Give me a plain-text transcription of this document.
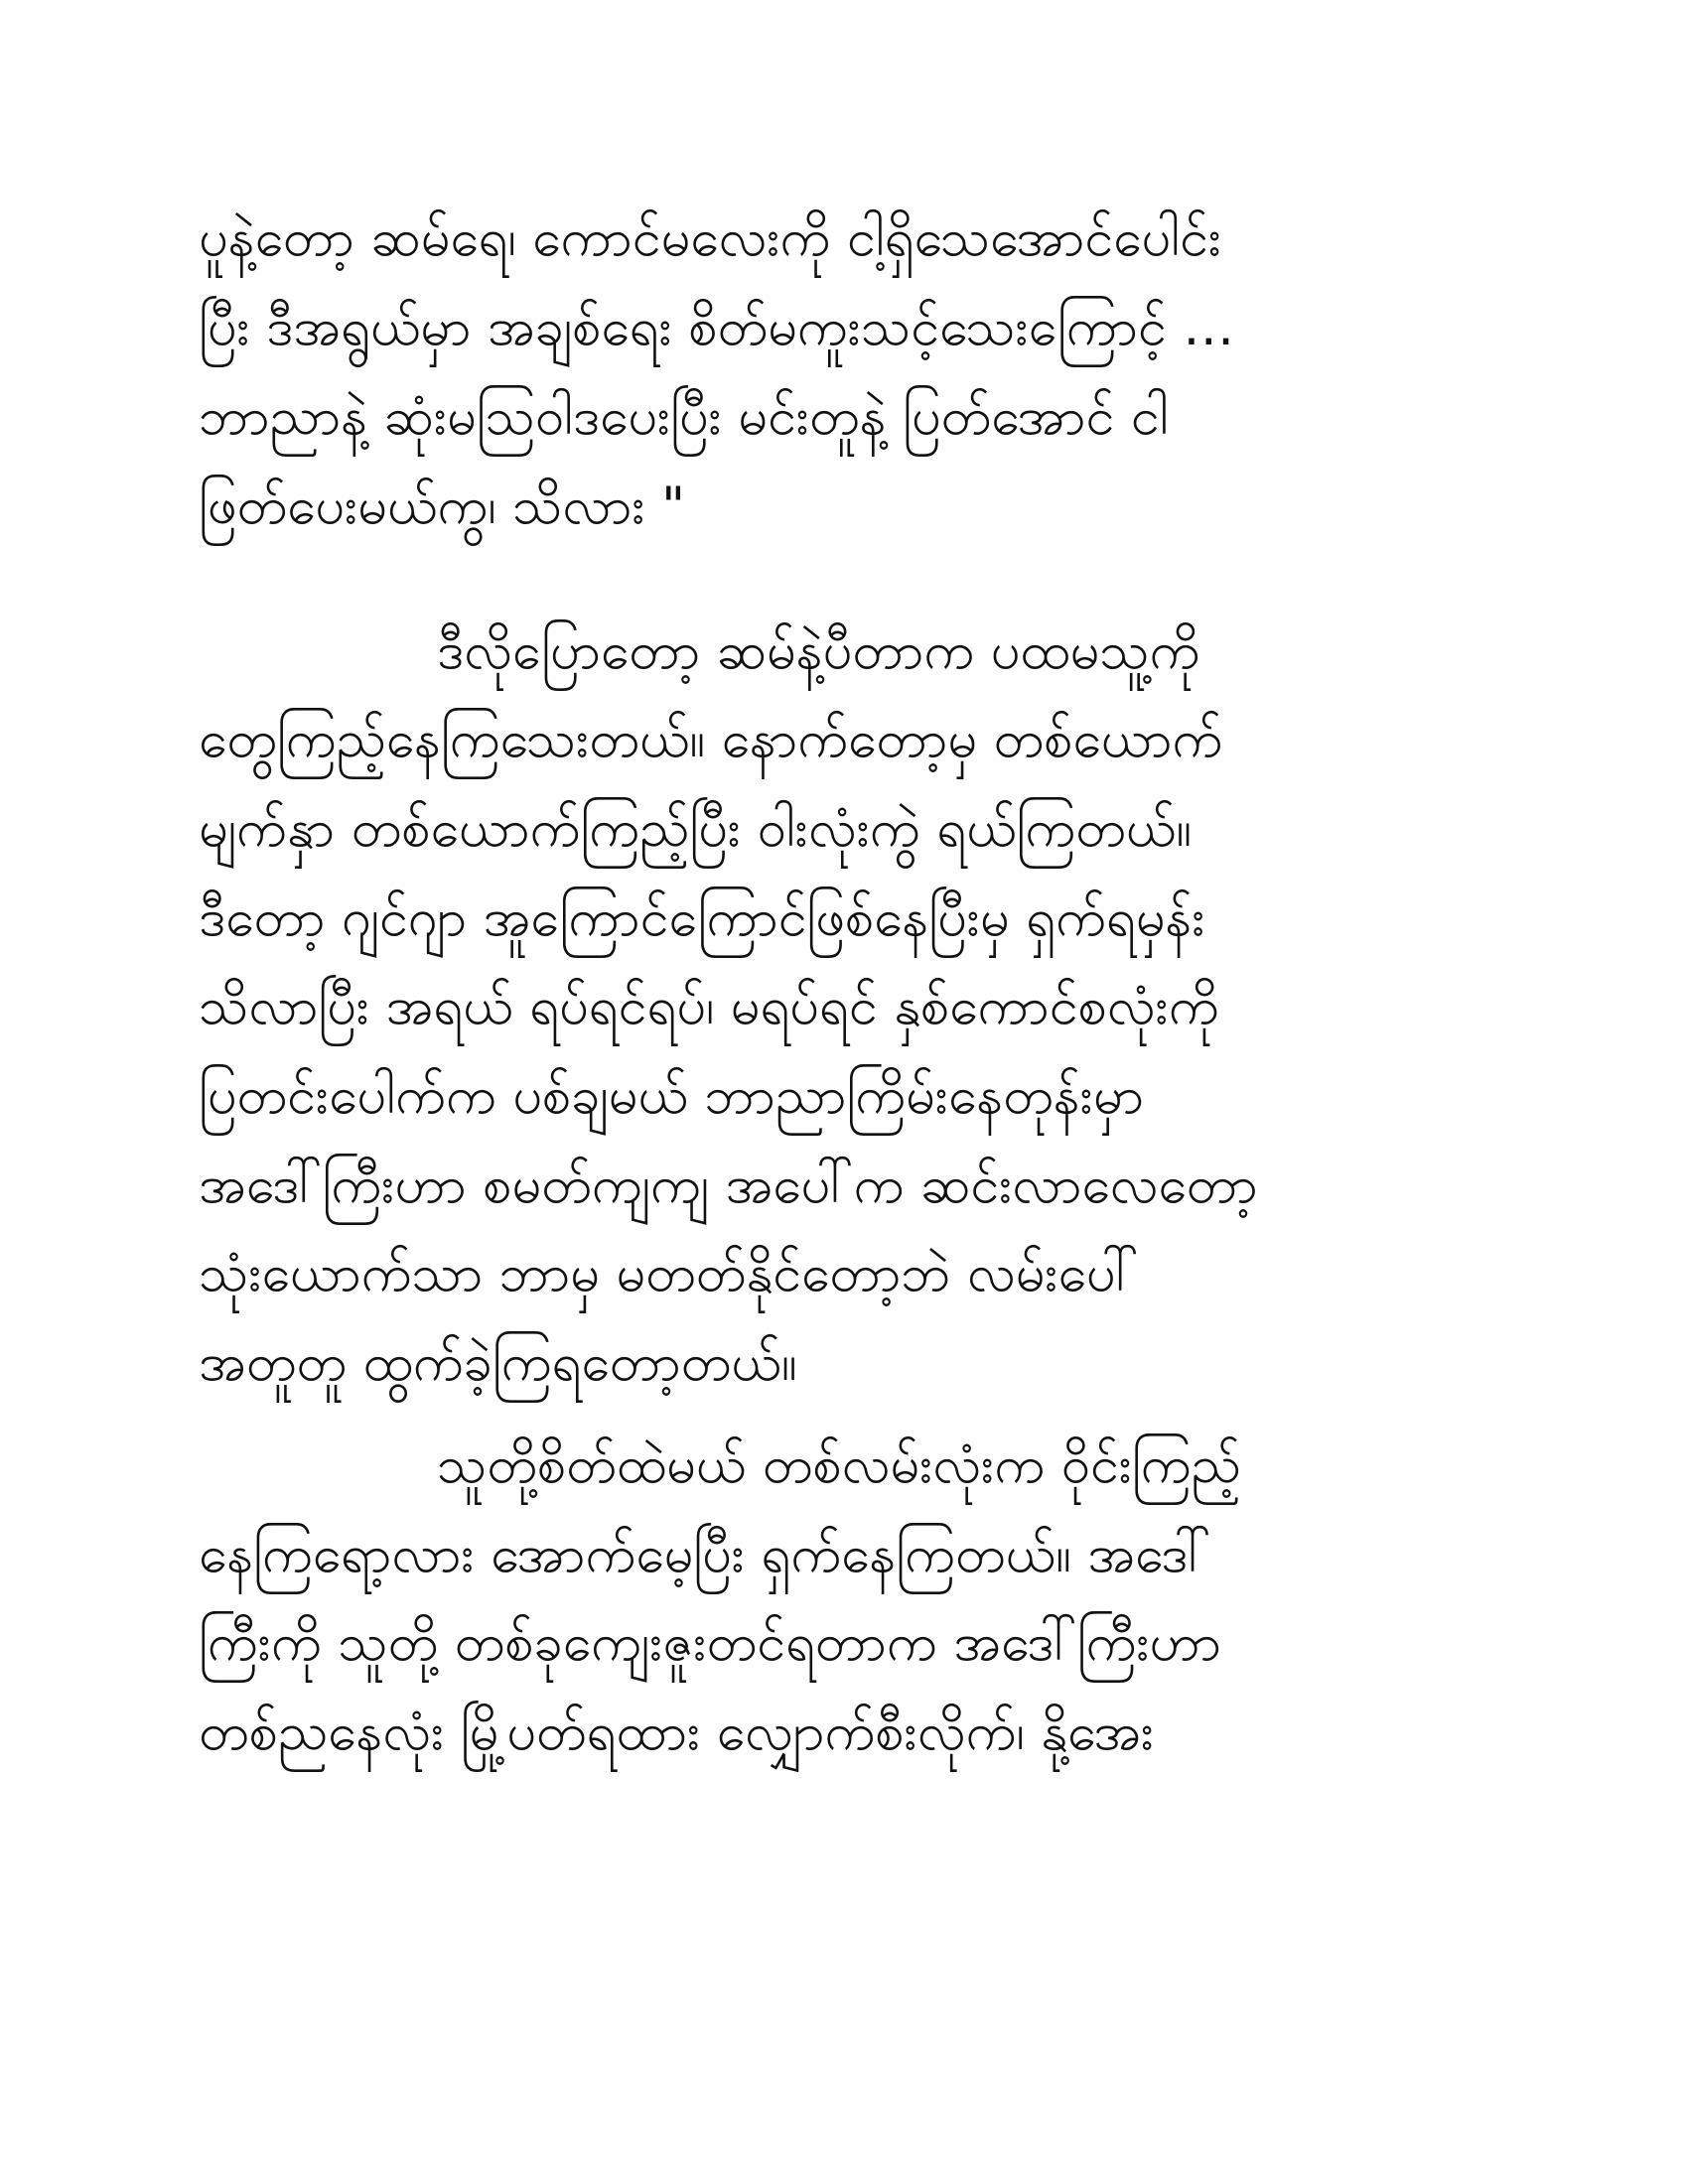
ပူနဲ့တော့ ဆမ်ရေ၊ ကောင်မလေးကို ငါ့ရှိသေအောင်ပေါင်း
ပြီး ဒီအရွယ်မှာ အချစ်ရေး စိတ်မကူးသင့်သေးကြောင့် …
ဘာညာနဲ့ ဆုံးမသြဝါဒပေးပြီး မင်းတူနဲ့ ပြတ်အောင် ငါ
ဖြတ်ပေးမယ်ကွ၊ သိလား "
ဒီလိုပြောတော့ ဆမ်နဲ့ပီတာက ပထမသူ့ကို
တွေကြည့်နေကြသေးတယ်။ နောက်တော့မှ တစ်ယောက်
မျက်နှာ တစ်ယောက်ကြည့်ပြီး ဝါးလုံးကွဲ ရယ်ကြတယ်။
ဒီတော့ ဂျင်ဂျာ အူကြောင်ကြောင်ဖြစ်နေပြီးမှ ရှက်ရမှန်း
သိလာပြီး အရယ် ရပ်ရင်ရပ်၊ မရပ်ရင် နှစ်ကောင်စလုံးကို
ပြတင်းပေါက်က ပစ်ချမယ် ဘာညာကြိမ်းနေတုန်းမှာ
အဒေါ်ကြီးဟာ စမတ်ကျကျ အပေါ်က ဆင်းလာလေတော့
သုံးယောက်သာ ဘာမှ မတတ်နိုင်တော့ဘဲ လမ်းပေါ်
အတူတူ ထွက်ခဲ့ကြရတော့တယ်။
သူတို့စိတ်ထဲမယ် တစ်လမ်းလုံးက ဝိုင်းကြည့်
နေကြရော့လား အောက်မေ့ပြီး ရှက်နေကြတယ်။ အဒေါ်
ကြီးကို သူတို့ တစ်ခုကျေးဇူးတင်ရတာက အဒေါ်ကြီးဟာ
တစ်ညနေလုံး မြို့ပတ်ရထား လျှောက်စီးလိုက်၊ နို့အေး
